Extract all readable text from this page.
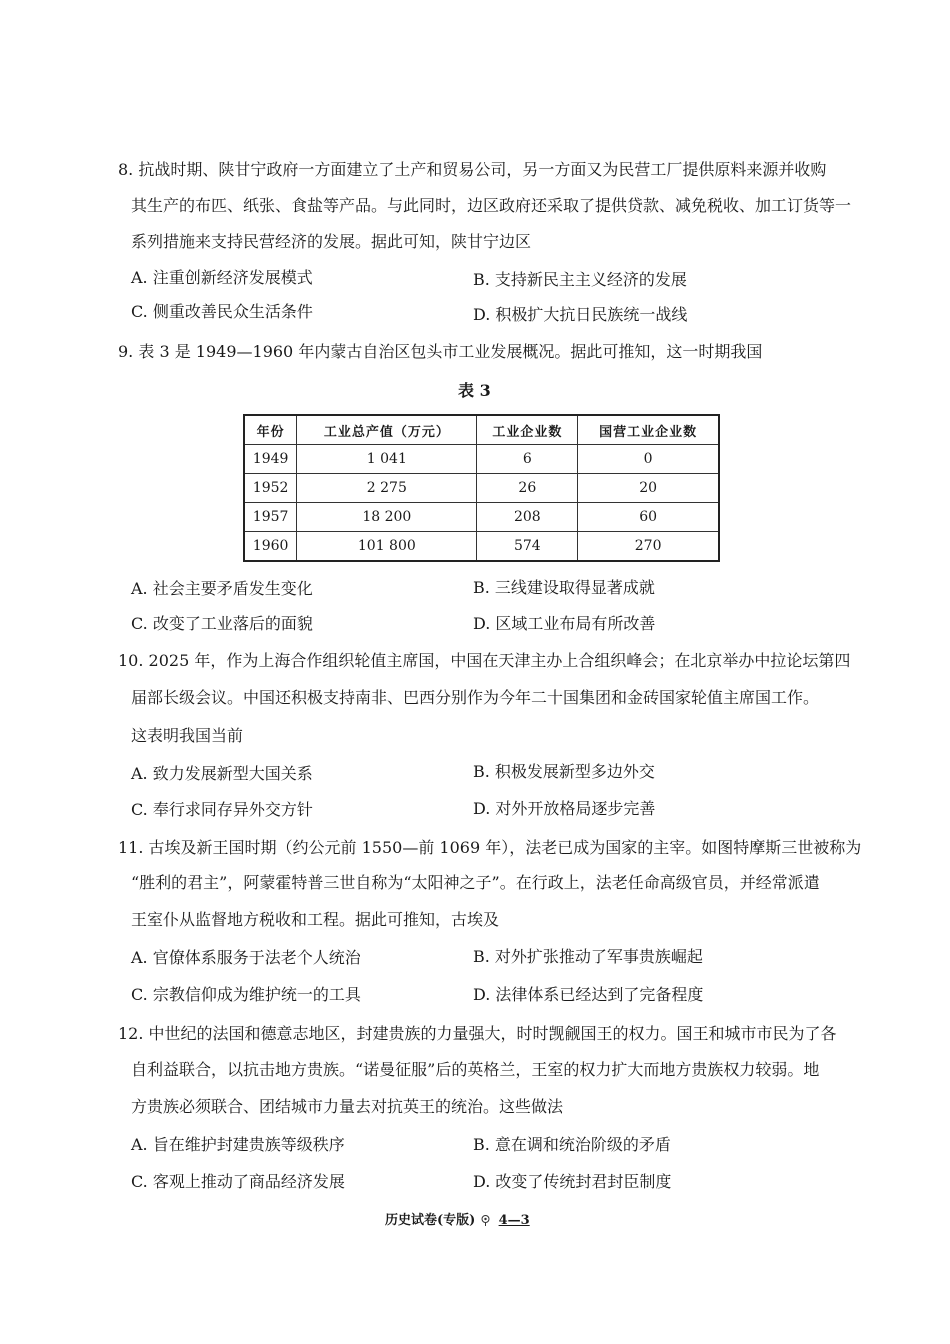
8. 抗战时期、陕甘宁政府一方面建立了土产和贸易公司，另一方面又为民营工厂提供原料来源并收购
其生产的布匹、纸张、食盐等产品。与此同时，边区政府还采取了提供贷款、减免税收、加工订货等一
系列措施来支持民营经济的发展。据此可知，陕甘宁边区
A. 注重创新经济发展模式	B. 支持新民主主义经济的发展
C. 侧重改善民众生活条件	D. 积极扩大抗日民族统一战线
9. 表 3 是 1949—1960 年内蒙古自治区包头市工业发展概况。据此可推知，这一时期我国
表 3
年份	工业总产值（万元）	工业企业数	国营工业企业数
1949	1 041	6	0
1952	2 275	26	20
1957	18 200	208	60
1960	101 800	574	270
A. 社会主要矛盾发生变化	B. 三线建设取得显著成就
C. 改变了工业落后的面貌	D. 区域工业布局有所改善
10. 2025 年，作为上海合作组织轮值主席国，中国在天津主办上合组织峰会；在北京举办中拉论坛第四
届部长级会议。中国还积极支持南非、巴西分别作为今年二十国集团和金砖国家轮值主席国工作。
这表明我国当前
A. 致力发展新型大国关系	B. 积极发展新型多边外交
C. 奉行求同存异外交方针	D. 对外开放格局逐步完善
11. 古埃及新王国时期（约公元前 1550—前 1069 年），法老已成为国家的主宰。如图特摩斯三世被称为
“胜利的君主”，阿蒙霍特普三世自称为“太阳神之子”。在行政上，法老任命高级官员，并经常派遣
王室仆从监督地方税收和工程。据此可推知，古埃及
A. 官僚体系服务于法老个人统治	B. 对外扩张推动了军事贵族崛起
C. 宗教信仰成为维护统一的工具	D. 法律体系已经达到了完备程度
12. 中世纪的法国和德意志地区，封建贵族的力量强大，时时觊觎国王的权力。国王和城市市民为了各
自利益联合，以抗击地方贵族。“诺曼征服”后的英格兰，王室的权力扩大而地方贵族权力较弱。地
方贵族必须联合、团结城市力量去对抗英王的统治。这些做法
A. 旨在维护封建贵族等级秩序	B. 意在调和统治阶级的矛盾
C. 客观上推动了商品经济发展	D. 改变了传统封君封臣制度
历史试卷(专版) 4—3
